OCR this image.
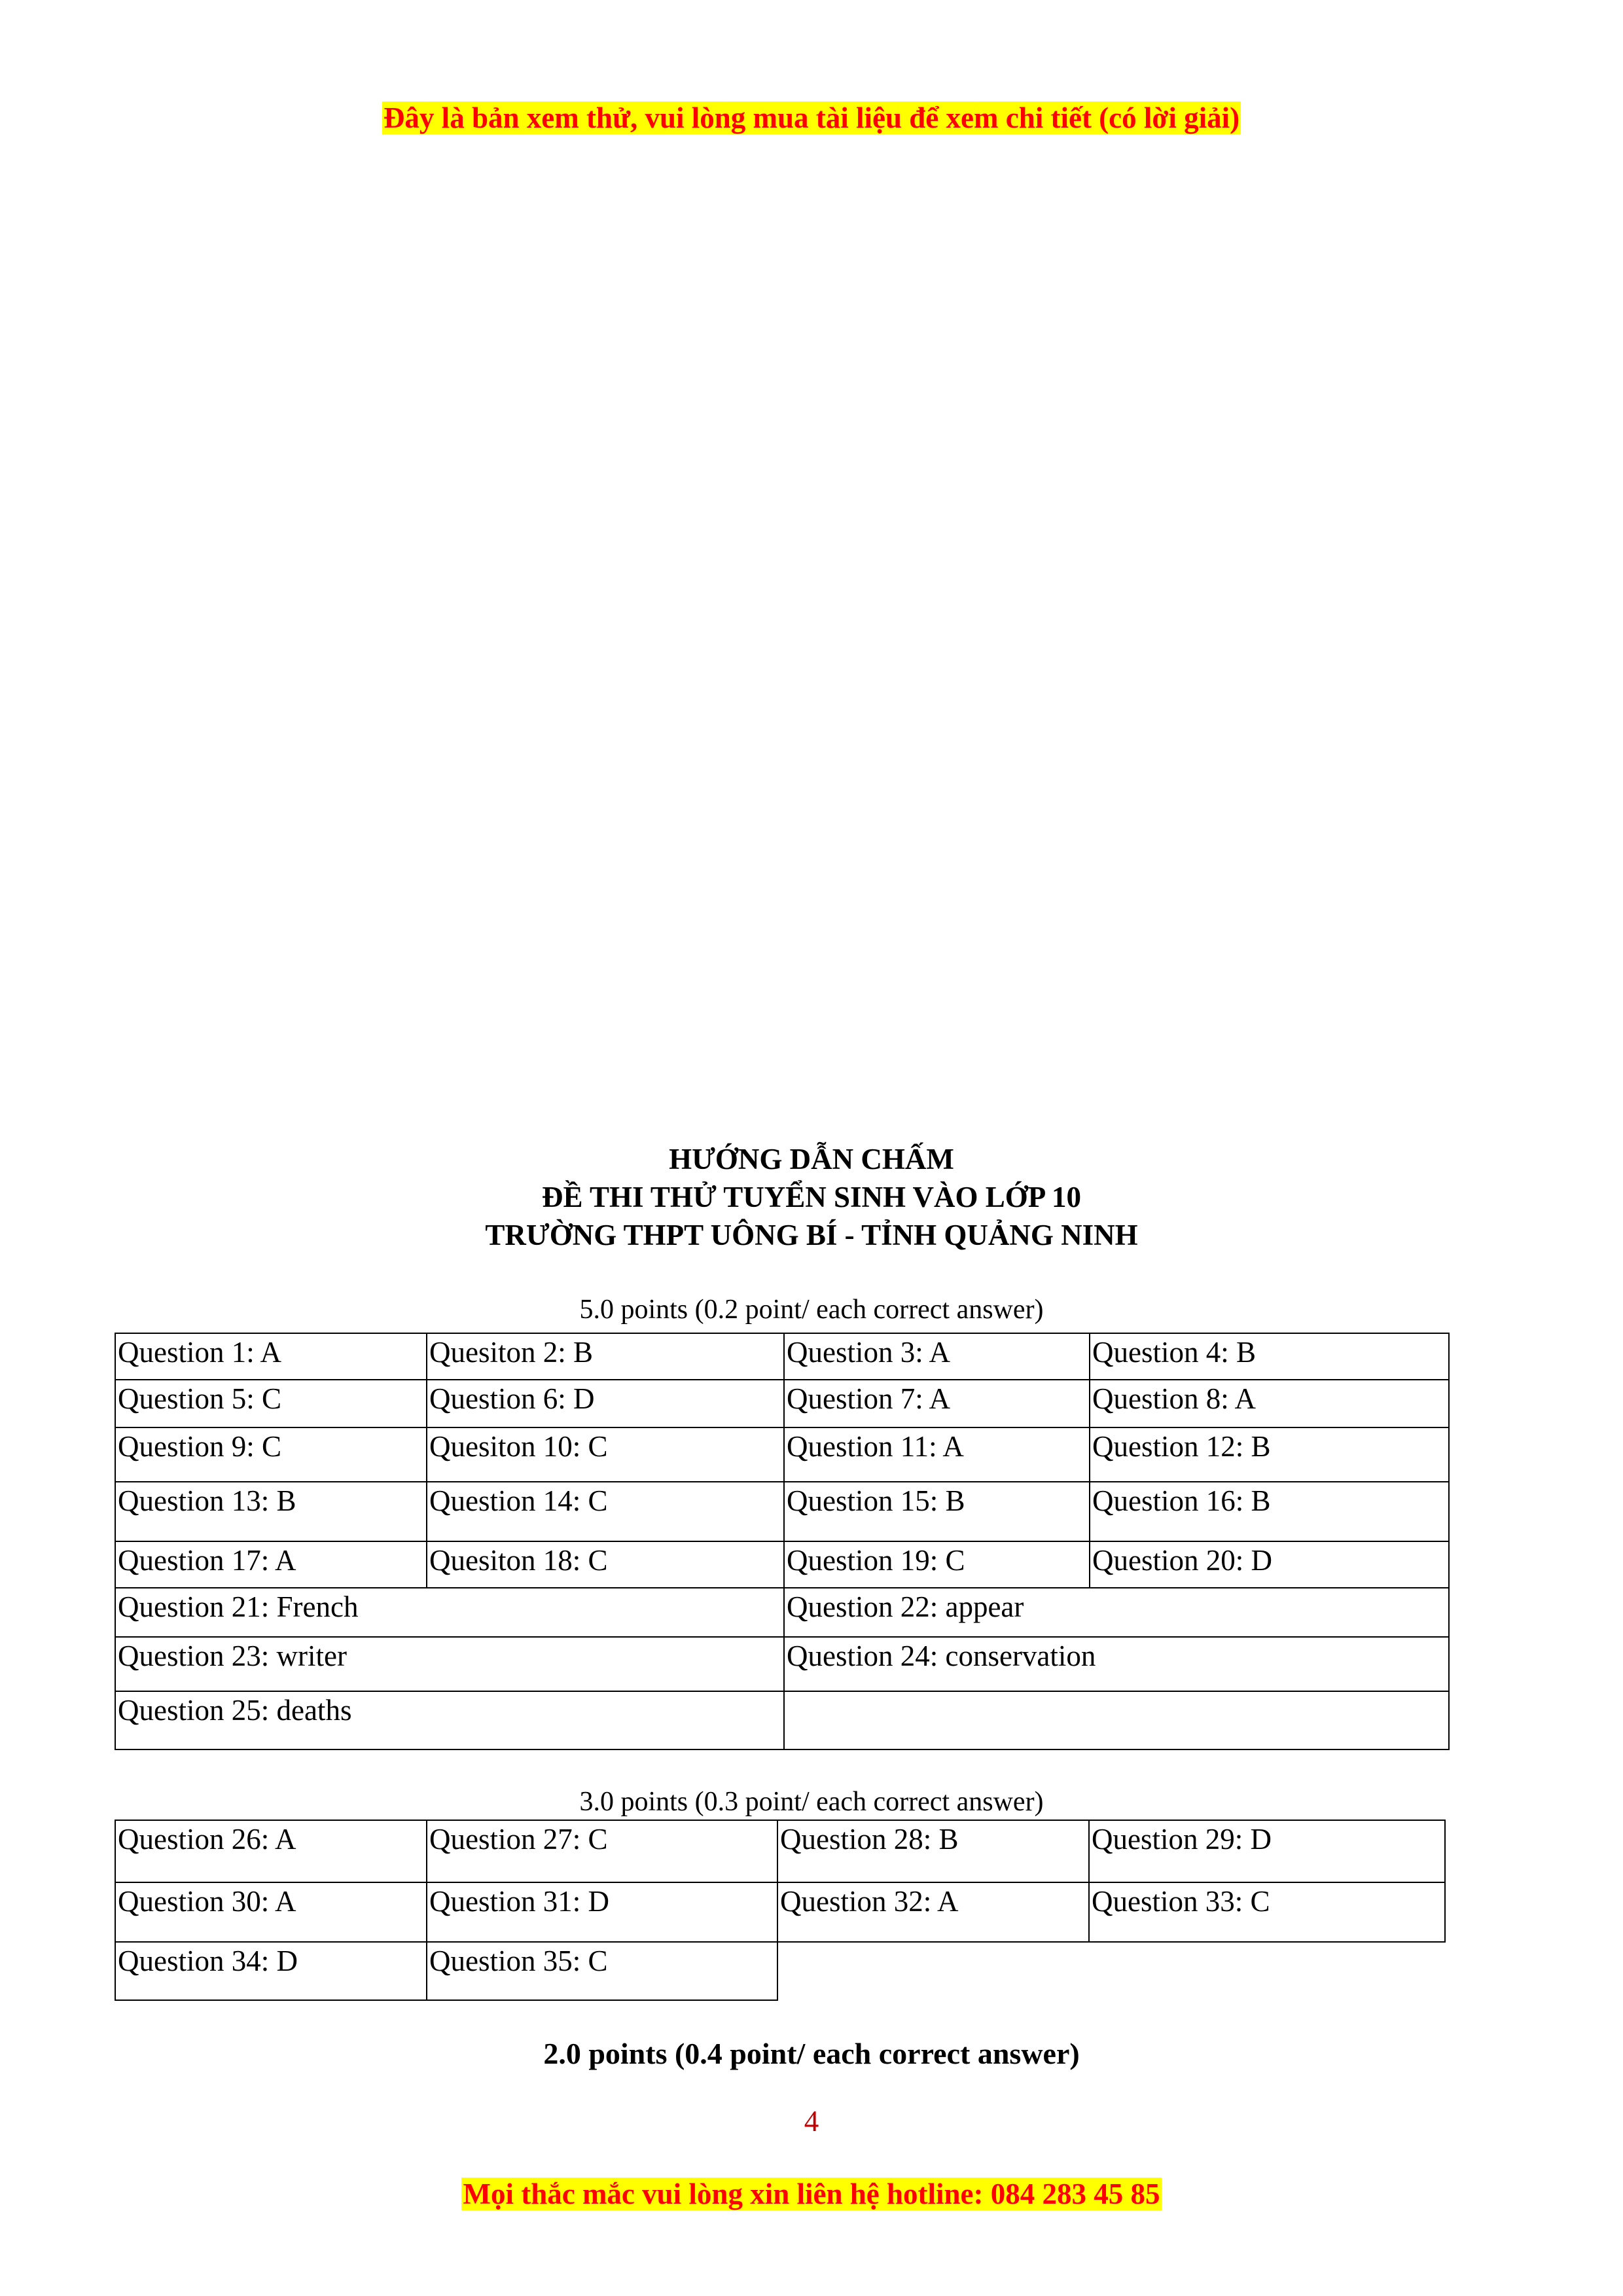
Đây là bản xem thử, vui lòng mua tài liệu để xem chi tiết (có lời giải)
HƯỚNG DẪN CHẤM
ĐỀ THI THỬ TUYỂN SINH VÀO LỚP 10
TRƯỜNG THPT UÔNG BÍ - TỈNH QUẢNG NINH
5.0 points (0.2 point/ each correct answer)
Question 1: A	Quesiton 2: B	Question 3: A	Question 4: B
Question 5: C	Question 6: D	Question 7: A	Question 8: A
Question 9: C	Quesiton 10: C	Question 11: A	Question 12: B
Question 13: B	Question 14: C	Question 15: B	Question 16: B
Question 17: A	Quesiton 18: C	Question 19: C	Question 20: D
Question 21: French		Question 22: appear	
Question 23: writer		Question 24: conservation	
Question 25: deaths			
3.0 points (0.3 point/ each correct answer)
Question 26: A	Question 27: C	Question 28: B	Question 29: D
Question 30: A	Question 31: D	Question 32: A	Question 33: C
Question 34: D	Question 35: C		
2.0 points (0.4 point/ each correct answer)
4
Mọi thắc mắc vui lòng xin liên hệ hotline: 084 283 45 85
